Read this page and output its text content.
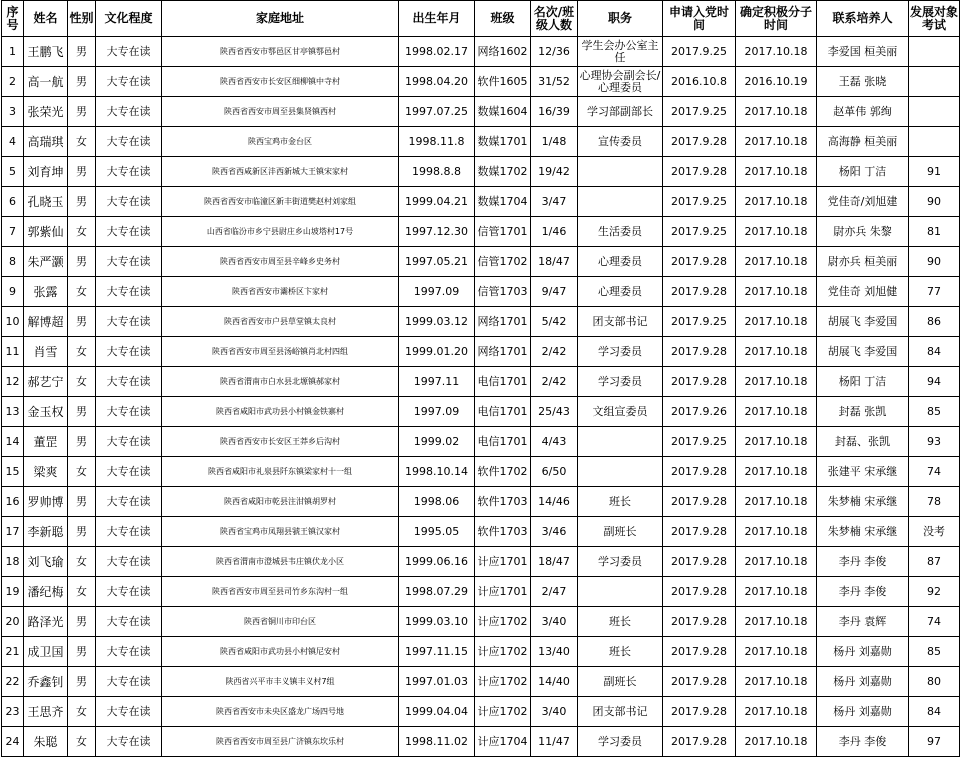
序号	姓名	性别	文化程度	家庭地址	出生年月	班级	名次/班级人数	职务	申请入党时间	确定积极分子时间	联系培养人	发展对象考试
1	王鹏飞	男	大专在读	陕西省西安市鄠邑区甘亭镇鄠邑村	1998.02.17	网络1602	12/36	学生会办公室主任	2017.9.25	2017.10.18	李爱国 桓美丽	
2	高一航	男	大专在读	陕西省西安市长安区细柳镇中寺村	1998.04.20	软件1605	31/52	心理协会副会长/心理委员	2016.10.8	2016.10.19	王磊 张晓	
3	张荣光	男	大专在读	陕西省西安市周至县集贤镇西村	1997.07.25	数媒1604	16/39	学习部副部长	2017.9.25	2017.10.18	赵革伟 郭绚	
4	高瑞琪	女	大专在读	陕西宝鸡市金台区	1998.11.8	数媒1701	1/48	宣传委员	2017.9.28	2017.10.18	高海静 桓美丽	
5	刘育坤	男	大专在读	陕西省西咸新区沣西新城大王镇宋家村	1998.8.8	数媒1702	19/42		2017.9.28	2017.10.18	杨阳 丁洁	91
6	孔晓玉	男	大专在读	陕西省西安市临潼区新丰街道樊赵村刘家组	1999.04.21	数媒1704	3/47		2017.9.25	2017.10.18	党佳奇/刘旭建	90
7	郭紫仙	女	大专在读	山西省临汾市乡宁县尉庄乡山坡塔村17号	1997.12.30	信管1701	1/46	生活委员	2017.9.25	2017.10.18	尉亦兵 朱黎	81
8	朱严灏	男	大专在读	陕西省西安市周至县辛峰乡史务村	1997.05.21	信管1702	18/47	心理委员	2017.9.28	2017.10.18	尉亦兵 桓美丽	90
9	张露	女	大专在读	陕西省西安市灞桥区卞家村	1997.09	信管1703	9/47	心理委员	2017.9.28	2017.10.18	党佳奇 刘旭健	77
10	解博超	男	大专在读	陕西省西安市户县草堂镇太良村	1999.03.12	网络1701	5/42	团支部书记	2017.9.25	2017.10.18	胡展飞 李爱国	86
11	肖雪	女	大专在读	陕西省西安市周至县汤峪镇肖北村四组	1999.01.20	网络1701	2/42	学习委员	2017.9.28	2017.10.18	胡展飞 李爱国	84
12	郝艺宁	女	大专在读	陕西省渭南市白水县北塬镇郝家村	1997.11	电信1701	2/42	学习委员	2017.9.28	2017.10.18	杨阳 丁洁	94
13	金玉权	男	大专在读	陕西省咸阳市武功县小村镇金铁寨村	1997.09	电信1701	25/43	文组宣委员	2017.9.26	2017.10.18	封磊 张凯	85
14	董罡	男	大专在读	陕西省西安市长安区王莽乡后沟村	1999.02	电信1701	4/43		2017.9.25	2017.10.18	封磊、张凯	93
15	梁爽	女	大专在读	陕西省咸阳市礼泉县阡东镇梁家村十一组	1998.10.14	软件1702	6/50		2017.9.28	2017.10.18	张建平 宋承继	74
16	罗帅博	男	大专在读	陕西省咸阳市乾县注泔镇胡罗村	1998.06	软件1703	14/46	班长	2017.9.28	2017.10.18	朱梦楠 宋承继	78
17	李新聪	男	大专在读	陕西省宝鸡市凤翔县虢王镇汉家村	1995.05	软件1703	3/46	副班长	2017.9.28	2017.10.18	朱梦楠 宋承继	没考
18	刘飞瑜	女	大专在读	陕西省渭南市澄城县韦庄镇伏龙小区	1999.06.16	计应1701	18/47	学习委员	2017.9.28	2017.10.18	李丹 李俊	87
19	潘纪梅	女	大专在读	陕西省西安市周至县司竹乡东沟村一组	1998.07.29	计应1701	2/47		2017.9.28	2017.10.18	李丹 李俊	92
20	路泽光	男	大专在读	陕西省铜川市印台区	1999.03.10	计应1702	3/40	班长	2017.9.28	2017.10.18	李丹 袁辉	74
21	成卫国	男	大专在读	陕西省咸阳市武功县小村镇尼安村	1997.11.15	计应1702	13/40	班长	2017.9.28	2017.10.18	杨丹 刘嘉勋	85
22	乔鑫钊	男	大专在读	陕西省兴平市丰义镇丰义村7组	1997.01.03	计应1702	14/40	副班长	2017.9.28	2017.10.18	杨丹 刘嘉勋	80
23	王思齐	女	大专在读	陕西省西安市未央区盛龙广场四号地	1999.04.04	计应1702	3/40	团支部书记	2017.9.28	2017.10.18	杨丹 刘嘉勋	84
24	朱聪	女	大专在读	陕西省西安市周至县广济镇东坎乐村	1998.11.02	计应1704	11/47	学习委员	2017.9.28	2017.10.18	李丹 李俊	97
